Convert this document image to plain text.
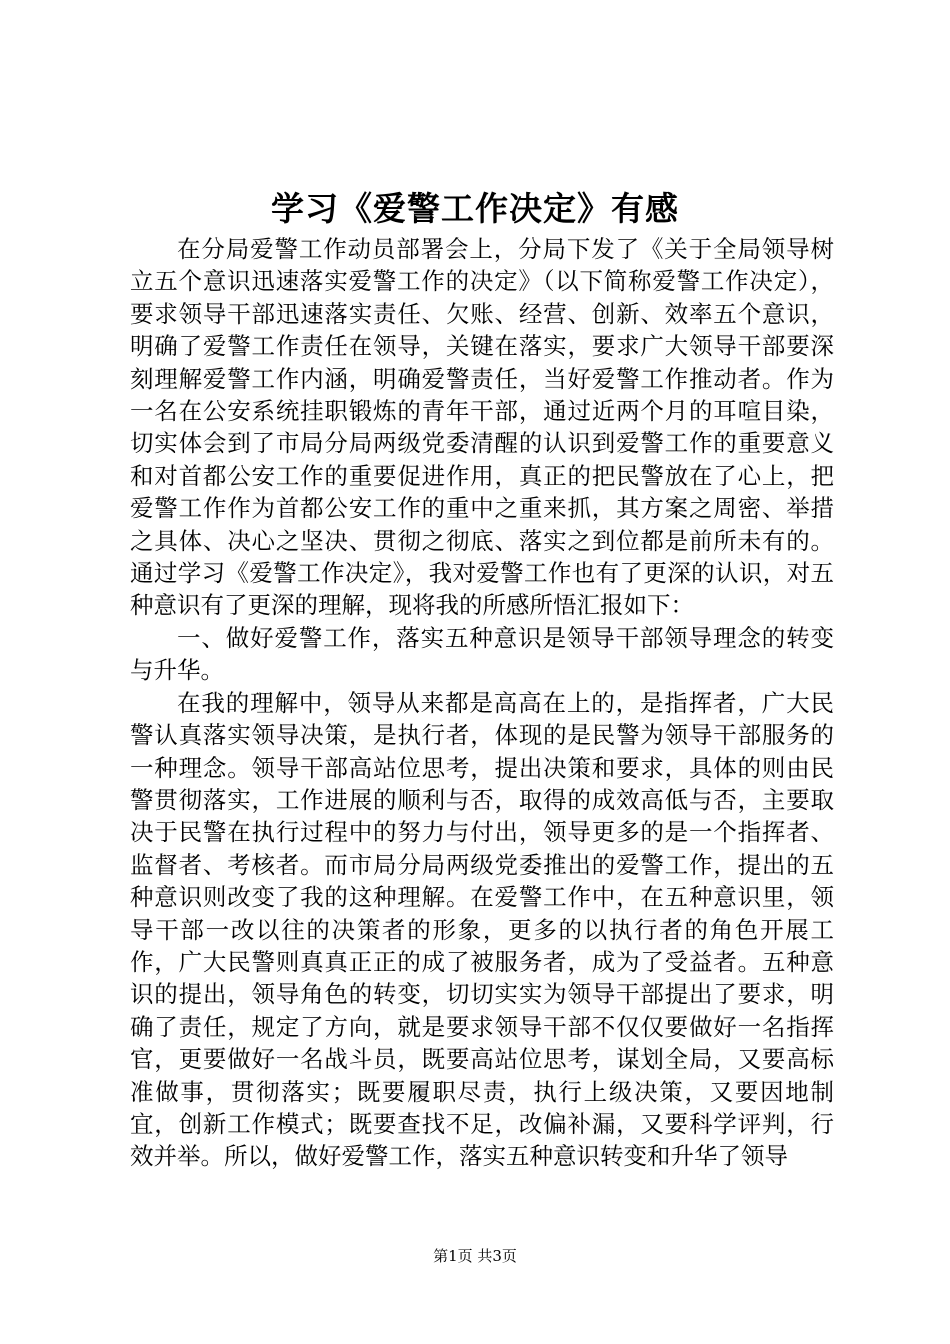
学习《爱警工作决定》有感

在分局爱警工作动员部署会上，分局下发了《关于全局领导树立五个意识迅速落实爱警工作的决定》（以下简称爱警工作决定），要求领导干部迅速落实责任、欠账、经营、创新、效率五个意识，明确了爱警工作责任在领导，关键在落实，要求广大领导干部要深刻理解爱警工作内涵，明确爱警责任，当好爱警工作推动者。作为一名在公安系统挂职锻炼的青年干部，通过近两个月的耳喧目染，切实体会到了市局分局两级党委清醒的认识到爱警工作的重要意义和对首都公安工作的重要促进作用，真正的把民警放在了心上，把爱警工作作为首都公安工作的重中之重来抓，其方案之周密、举措之具体、决心之坚决、贯彻之彻底、落实之到位都是前所未有的。通过学习《爱警工作决定》，我对爱警工作也有了更深的认识，对五种意识有了更深的理解，现将我的所感所悟汇报如下：

一、做好爱警工作，落实五种意识是领导干部领导理念的转变与升华。

在我的理解中，领导从来都是高高在上的，是指挥者，广大民警认真落实领导决策，是执行者，体现的是民警为领导干部服务的一种理念。领导干部高站位思考，提出决策和要求，具体的则由民警贯彻落实，工作进展的顺利与否，取得的成效高低与否，主要取决于民警在执行过程中的努力与付出，领导更多的是一个指挥者、监督者、考核者。而市局分局两级党委推出的爱警工作，提出的五种意识则改变了我的这种理解。在爱警工作中，在五种意识里，领导干部一改以往的决策者的形象，更多的以执行者的角色开展工作，广大民警则真真正正的成了被服务者，成为了受益者。五种意识的提出，领导角色的转变，切切实实为领导干部提出了要求，明确了责任，规定了方向，就是要求领导干部不仅仅要做好一名指挥官，更要做好一名战斗员，既要高站位思考，谋划全局，又要高标准做事，贯彻落实；既要履职尽责，执行上级决策，又要因地制宜，创新工作模式；既要查找不足，改偏补漏，又要科学评判，行效并举。所以，做好爱警工作，落实五种意识转变和升华了领导

第1页 共3页
